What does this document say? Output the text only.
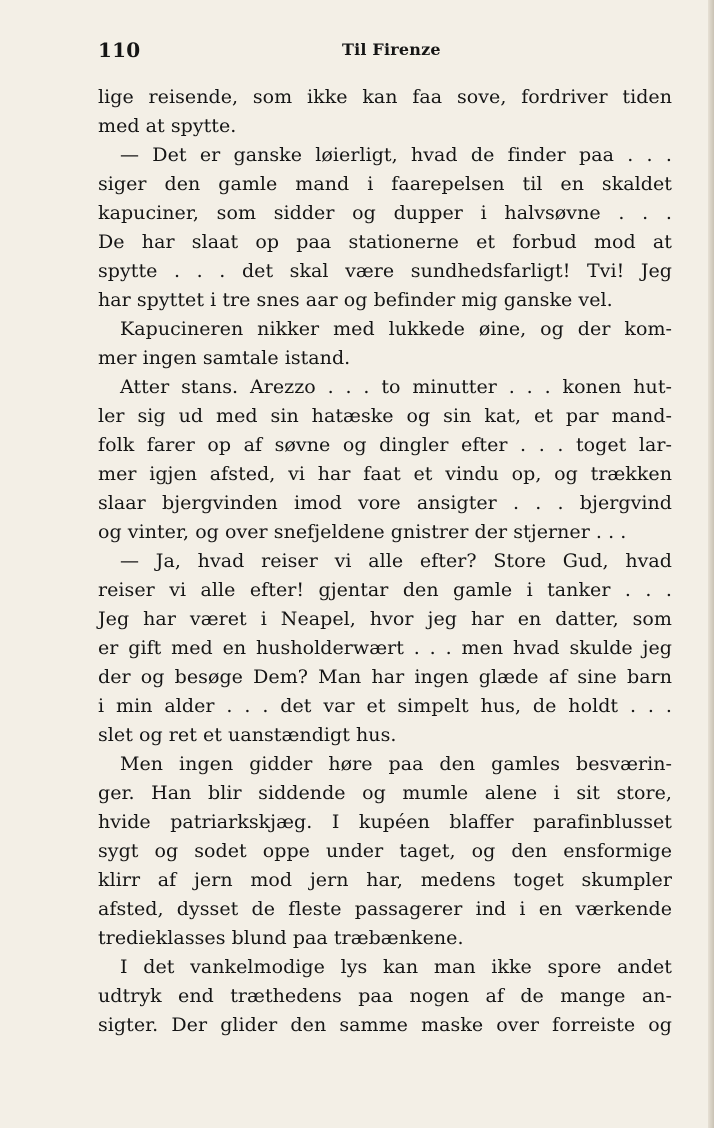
110	Til Firenze
lige reisende, som ikke kan faa sove, fordriver tiden
med at spytte.
— Det er ganske løierligt, hvad de finder paa . . .
siger den gamle mand i faarepelsen til en skaldet
kapuciner, som sidder og dupper i halvsøvne . . .
De har slaat op paa stationerne et forbud mod at
spytte . . . det skal være sundhedsfarligt! Tvi! Jeg
har spyttet i tre snes aar og befinder mig ganske vel.
Kapucineren nikker med lukkede øine, og der kom-
mer ingen samtale istand.
Atter stans. Arezzo . . . to minutter . . . konen hut-
ler sig ud med sin hatæske og sin kat, et par mand-
folk farer op af søvne og dingler efter . . . toget lar-
mer igjen afsted, vi har faat et vindu op, og trækken
slaar bjergvinden imod vore ansigter . . . bjergvind
og vinter, og over snefjeldene gnistrer der stjerner . . .
— Ja, hvad reiser vi alle efter? Store Gud, hvad
reiser vi alle efter! gjentar den gamle i tanker . . .
Jeg har været i Neapel, hvor jeg har en datter, som
er gift med en husholderwært . . . men hvad skulde jeg
der og besøge Dem? Man har ingen glæde af sine barn
i min alder . . . det var et simpelt hus, de holdt . . .
slet og ret et uanstændigt hus.
Men ingen gidder høre paa den gamles besværin-
ger. Han blir siddende og mumle alene i sit store,
hvide patriarkskjæg. I kupéen blaffer parafinblusset
sygt og sodet oppe under taget, og den ensformige
klirr af jern mod jern har, medens toget skumpler
afsted, dysset de fleste passagerer ind i en værkende
tredieklasses blund paa træbænkene.
I det vankelmodige lys kan man ikke spore andet
udtryk end træthedens paa nogen af de mange an-
sigter. Der glider den samme maske over forreiste og
